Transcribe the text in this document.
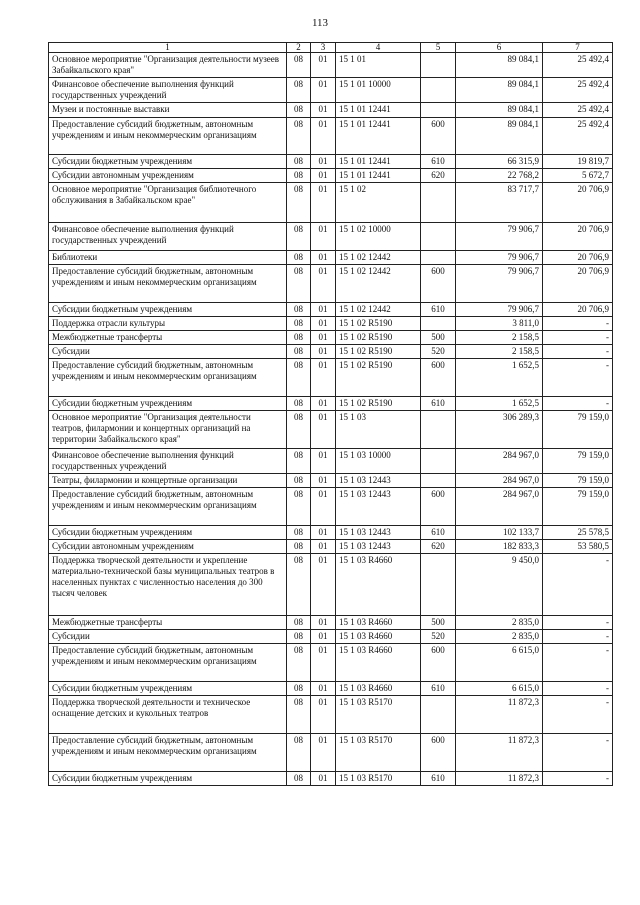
113
1	2	3	4	5	6	7
Основное мероприятие "Организация деятельности музеев Забайкальского края"	08	01	15 1 01		89 084,1	25 492,4
Финансовое обеспечение выполнения функций государственных учреждений	08	01	15 1 01 10000		89 084,1	25 492,4
Музеи и постоянные выставки	08	01	15 1 01 12441		89 084,1	25 492,4
Предоставление субсидий бюджетным, автономным учреждениям и иным некоммерческим организациям	08	01	15 1 01 12441	600	89 084,1	25 492,4
Субсидии бюджетным учреждениям	08	01	15 1 01 12441	610	66 315,9	19 819,7
Субсидии автономным учреждениям	08	01	15 1 01 12441	620	22 768,2	5 672,7
Основное мероприятие "Организация библиотечного обслуживания в Забайкальском крае"	08	01	15 1 02		83 717,7	20 706,9
Финансовое обеспечение выполнения функций государственных учреждений	08	01	15 1 02 10000		79 906,7	20 706,9
Библиотеки	08	01	15 1 02 12442		79 906,7	20 706,9
Предоставление субсидий бюджетным, автономным учреждениям и иным некоммерческим организациям	08	01	15 1 02 12442	600	79 906,7	20 706,9
Субсидии бюджетным учреждениям	08	01	15 1 02 12442	610	79 906,7	20 706,9
Поддержка отрасли культуры	08	01	15 1 02 R5190		3 811,0	-
Межбюджетные трансферты	08	01	15 1 02 R5190	500	2 158,5	-
Субсидии	08	01	15 1 02 R5190	520	2 158,5	-
Предоставление субсидий бюджетным, автономным учреждениям и иным некоммерческим организациям	08	01	15 1 02 R5190	600	1 652,5	-
Субсидии бюджетным учреждениям	08	01	15 1 02 R5190	610	1 652,5	-
Основное мероприятие "Организация деятельности театров, филармонии и концертных организаций на территории Забайкальского края"	08	01	15 1 03		306 289,3	79 159,0
Финансовое обеспечение выполнения функций государственных учреждений	08	01	15 1 03 10000		284 967,0	79 159,0
Театры, филармонии и концертные организации	08	01	15 1 03 12443		284 967,0	79 159,0
Предоставление субсидий бюджетным, автономным учреждениям и иным некоммерческим организациям	08	01	15 1 03 12443	600	284 967,0	79 159,0
Субсидии бюджетным учреждениям	08	01	15 1 03 12443	610	102 133,7	25 578,5
Субсидии автономным учреждениям	08	01	15 1 03 12443	620	182 833,3	53 580,5
Поддержка творческой деятельности и укрепление материально-технической базы муниципальных театров в населенных пунктах с численностью населения до 300 тысяч человек	08	01	15 1 03 R4660		9 450,0	-
Межбюджетные трансферты	08	01	15 1 03 R4660	500	2 835,0	-
Субсидии	08	01	15 1 03 R4660	520	2 835,0	-
Предоставление субсидий бюджетным, автономным учреждениям и иным некоммерческим организациям	08	01	15 1 03 R4660	600	6 615,0	-
Субсидии бюджетным учреждениям	08	01	15 1 03 R4660	610	6 615,0	-
Поддержка творческой деятельности и техническое оснащение детских и кукольных театров	08	01	15 1 03 R5170		11 872,3	-
Предоставление субсидий бюджетным, автономным учреждениям и иным некоммерческим организациям	08	01	15 1 03 R5170	600	11 872,3	-
Субсидии бюджетным учреждениям	08	01	15 1 03 R5170	610	11 872,3	-
